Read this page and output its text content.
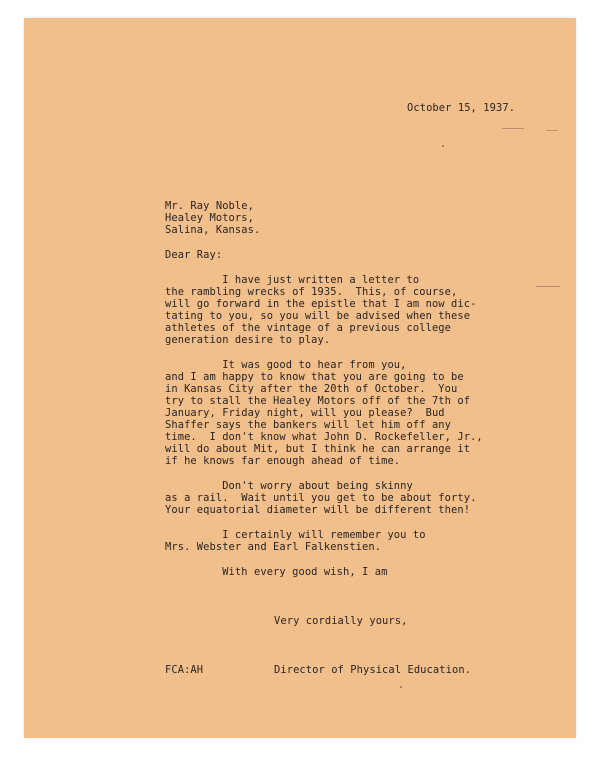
October 15, 1937.
Mr. Ray Noble,
Healey Motors,
Salina, Kansas.
Dear Ray:
I have just written a letter to
the rambling wrecks of 1935.  This, of course,
will go forward in the epistle that I am now dic-
tating to you, so you will be advised when these
athletes of the vintage of a previous college
generation desire to play.
It was good to hear from you,
and I am happy to know that you are going to be
in Kansas City after the 20th of October.  You
try to stall the Healey Motors off of the 7th of
January, Friday night, will you please?  Bud
Shaffer says the bankers will let him off any
time.  I don't know what John D. Rockefeller, Jr.,
will do about Mit, but I think he can arrange it
if he knows far enough ahead of time.
Don't worry about being skinny
as a rail.  Wait until you get to be about forty.
Your equatorial diameter will be different then!
I certainly will remember you to
Mrs. Webster and Earl Falkenstien.
With every good wish, I am
Very cordially yours,
FCA:AH	Director of Physical Education.
